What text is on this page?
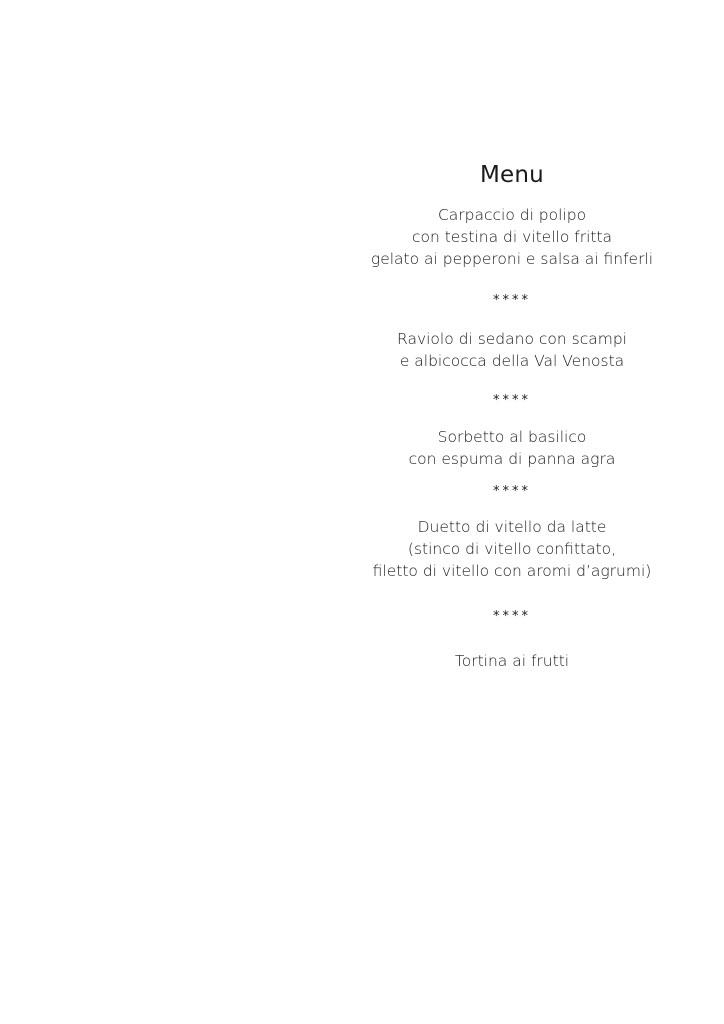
Menu
Carpaccio di polipo
con testina di vitello fritta
gelato ai pepperoni e salsa ai finferli
****
Raviolo di sedano con scampi
e albicocca della Val Venosta
****
Sorbetto al basilico
con espuma di panna agra
****
Duetto di vitello da latte
(stinco di vitello confittato,
filetto di vitello con aromi d’agrumi)
****
Tortina ai frutti
